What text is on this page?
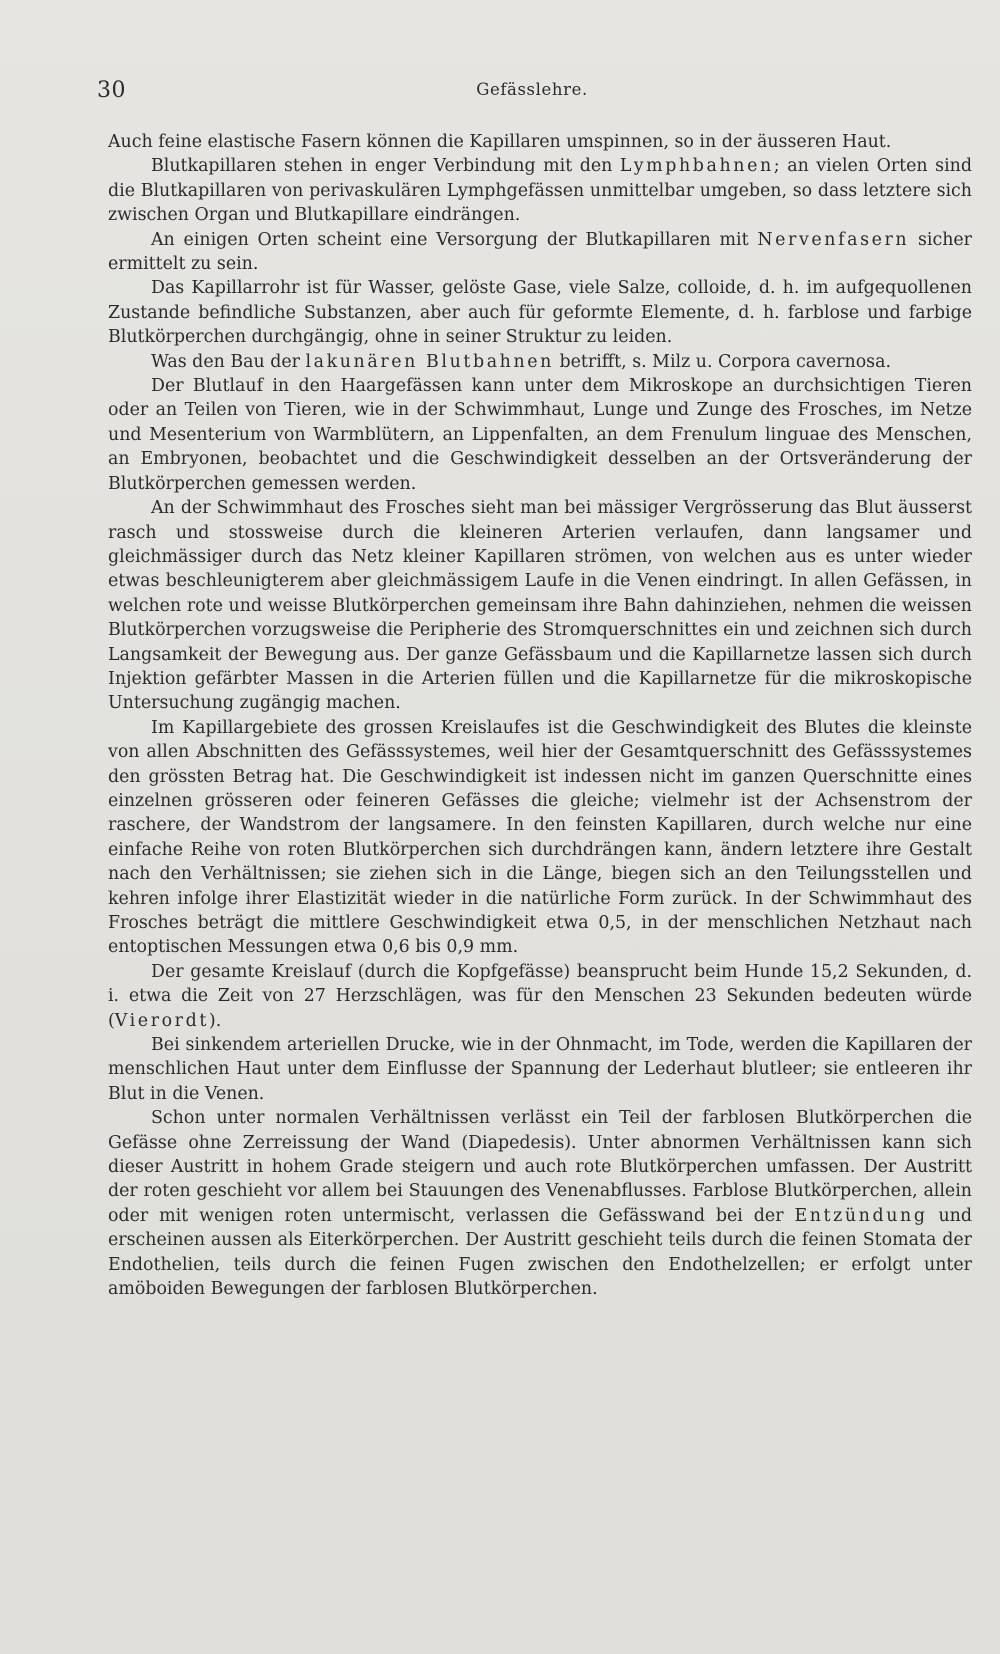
30	Gefässlehre.

Auch feine elastische Fasern können die Kapillaren umspinnen, so in der äusseren Haut.

Blutkapillaren stehen in enger Verbindung mit den Lymphbahnen; an vielen Orten sind die Blutkapillaren von perivaskulären Lymphgefässen unmittelbar umgeben, so dass letztere sich zwischen Organ und Blutkapillare eindrängen.

An einigen Orten scheint eine Versorgung der Blutkapillaren mit Nervenfasern sicher ermittelt zu sein.

Das Kapillarrohr ist für Wasser, gelöste Gase, viele Salze, colloide, d. h. im aufgequollenen Zustande befindliche Substanzen, aber auch für geformte Elemente, d. h. farblose und farbige Blutkörperchen durchgängig, ohne in seiner Struktur zu leiden.

Was den Bau der lakunären Blutbahnen betrifft, s. Milz u. Corpora cavernosa.

Der Blutlauf in den Haargefässen kann unter dem Mikroskope an durchsichtigen Tieren oder an Teilen von Tieren, wie in der Schwimmhaut, Lunge und Zunge des Frosches, im Netze und Mesenterium von Warmblütern, an Lippenfalten, an dem Frenulum linguae des Menschen, an Embryonen, beobachtet und die Geschwindigkeit desselben an der Ortsveränderung der Blutkörperchen gemessen werden.

An der Schwimmhaut des Frosches sieht man bei mässiger Vergrösserung das Blut äusserst rasch und stossweise durch die kleineren Arterien verlaufen, dann langsamer und gleichmässiger durch das Netz kleiner Kapillaren strömen, von welchen aus es unter wieder etwas beschleunigterem aber gleichmässigem Laufe in die Venen eindringt. In allen Gefässen, in welchen rote und weisse Blutkörperchen gemeinsam ihre Bahn dahinziehen, nehmen die weissen Blutkörperchen vorzugsweise die Peripherie des Stromquerschnittes ein und zeichnen sich durch Langsamkeit der Bewegung aus. Der ganze Gefässbaum und die Kapillarnetze lassen sich durch Injektion gefärbter Massen in die Arterien füllen und die Kapillarnetze für die mikroskopische Untersuchung zugängig machen.

Im Kapillargebiete des grossen Kreislaufes ist die Geschwindigkeit des Blutes die kleinste von allen Abschnitten des Gefässsystemes, weil hier der Gesamtquerschnitt des Gefässsystemes den grössten Betrag hat. Die Geschwindigkeit ist indessen nicht im ganzen Querschnitte eines einzelnen grösseren oder feineren Gefässes die gleiche; vielmehr ist der Achsenstrom der raschere, der Wandstrom der langsamere. In den feinsten Kapillaren, durch welche nur eine einfache Reihe von roten Blutkörperchen sich durchdrängen kann, ändern letztere ihre Gestalt nach den Verhältnissen; sie ziehen sich in die Länge, biegen sich an den Teilungsstellen und kehren infolge ihrer Elastizität wieder in die natürliche Form zurück. In der Schwimmhaut des Frosches beträgt die mittlere Geschwindigkeit etwa 0,5, in der menschlichen Netzhaut nach entoptischen Messungen etwa 0,6 bis 0,9 mm.

Der gesamte Kreislauf (durch die Kopfgefässe) beansprucht beim Hunde 15,2 Sekunden, d. i. etwa die Zeit von 27 Herzschlägen, was für den Menschen 23 Sekunden bedeuten würde (Vierordt).

Bei sinkendem arteriellen Drucke, wie in der Ohnmacht, im Tode, werden die Kapillaren der menschlichen Haut unter dem Einflusse der Spannung der Lederhaut blutleer; sie entleeren ihr Blut in die Venen.

Schon unter normalen Verhältnissen verlässt ein Teil der farblosen Blutkörperchen die Gefässe ohne Zerreissung der Wand (Diapedesis). Unter abnormen Verhältnissen kann sich dieser Austritt in hohem Grade steigern und auch rote Blutkörperchen umfassen. Der Austritt der roten geschieht vor allem bei Stauungen des Venenabflusses. Farblose Blutkörperchen, allein oder mit wenigen roten untermischt, verlassen die Gefässwand bei der Entzündung und erscheinen aussen als Eiterkörperchen. Der Austritt geschieht teils durch die feinen Stomata der Endothelien, teils durch die feinen Fugen zwischen den Endothelzellen; er erfolgt unter amöboiden Bewegungen der farblosen Blutkörperchen.
